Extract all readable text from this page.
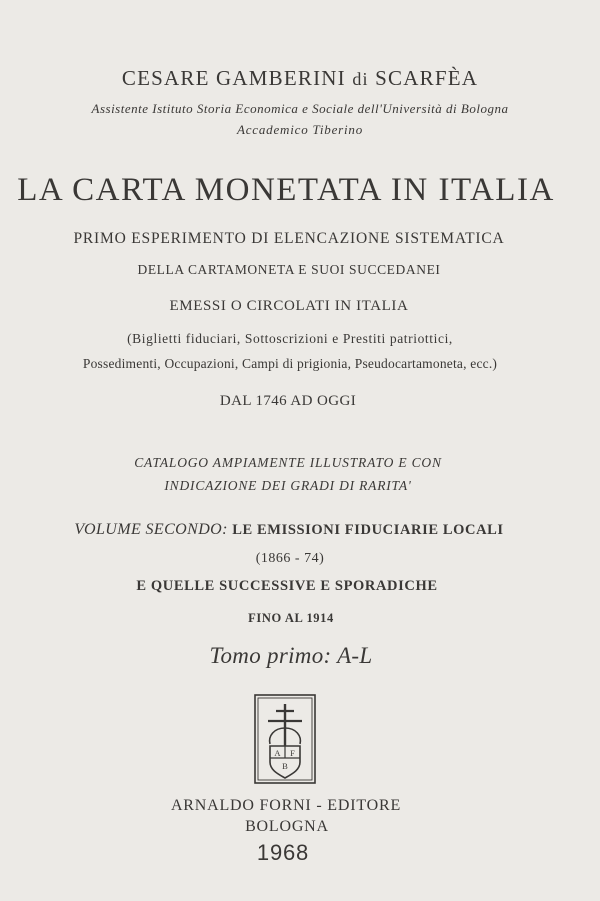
CESARE GAMBERINI di SCARFÈA
Assistente Istituto Storia Economica e Sociale dell'Università di Bologna
Accademico Tiberino
LA CARTA MONETATA IN ITALIA
PRIMO ESPERIMENTO DI ELENCAZIONE SISTEMATICA
DELLA CARTAMONETA E SUOI SUCCEDANEI
EMESSI O CIRCOLATI IN ITALIA
(Biglietti fiduciari, Sottoscrizioni e Prestiti patriottici,
Possedimenti, Occupazioni, Campi di prigionia, Pseudocartamoneta, ecc.)
DAL 1746 AD OGGI
CATALOGO AMPIAMENTE ILLUSTRATO E CON
INDICAZIONE DEI GRADI DI RARITA'
VOLUME SECONDO: LE EMISSIONI FIDUCIARIE LOCALI
(1866 - 74)
E QUELLE SUCCESSIVE E SPORADICHE
FINO AL 1914
Tomo primo: A-L
A F
B
ARNALDO FORNI - EDITORE
BOLOGNA
1968
